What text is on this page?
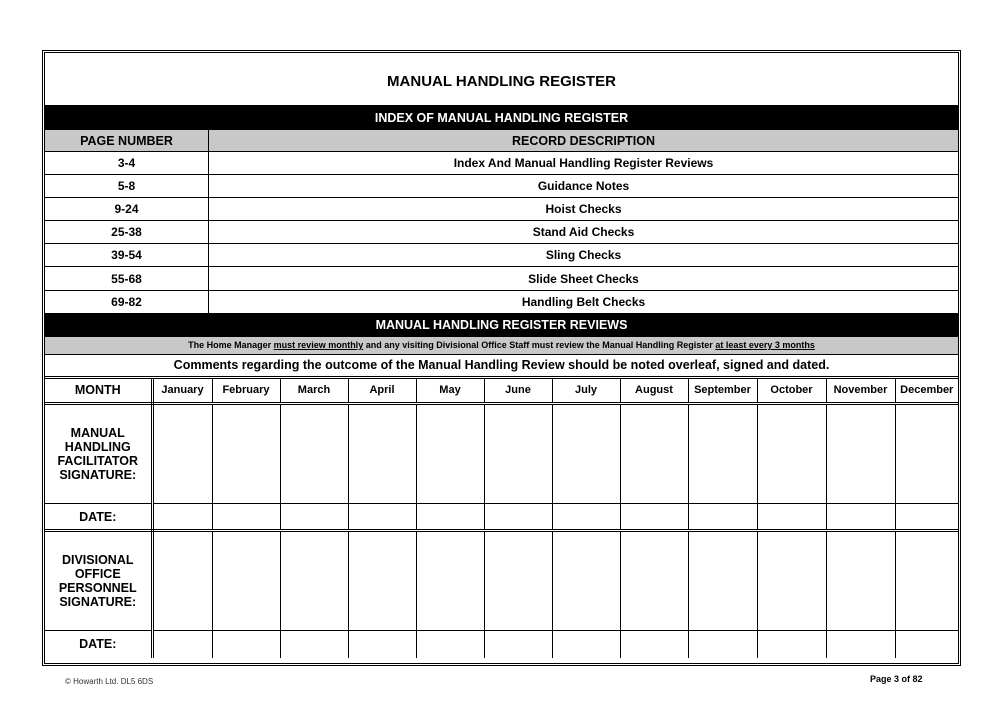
MANUAL HANDLING REGISTER
INDEX OF MANUAL HANDLING REGISTER
PAGE NUMBER	RECORD DESCRIPTION
3-4	Index And Manual Handling Register Reviews
5-8	Guidance Notes
9-24	Hoist Checks
25-38	Stand Aid Checks
39-54	Sling Checks
55-68	Slide Sheet Checks
69-82	Handling Belt Checks
MANUAL HANDLING REGISTER REVIEWS
The Home Manager
must review monthly
and any visiting Divisional Office Staff must review the Manual Handling Register
at least every 3 months
Comments regarding the outcome of the Manual Handling Review should be noted overleaf, signed and dated.
MONTH	January	February	March	April	May	June	July	August	September	October	November	December
MANUAL HANDLING FACILITATOR SIGNATURE:												
DATE:												
DIVISIONAL OFFICE PERSONNEL SIGNATURE:												
DATE:												
© Howarth Ltd. DL5 6DS	Page 3 of 82
